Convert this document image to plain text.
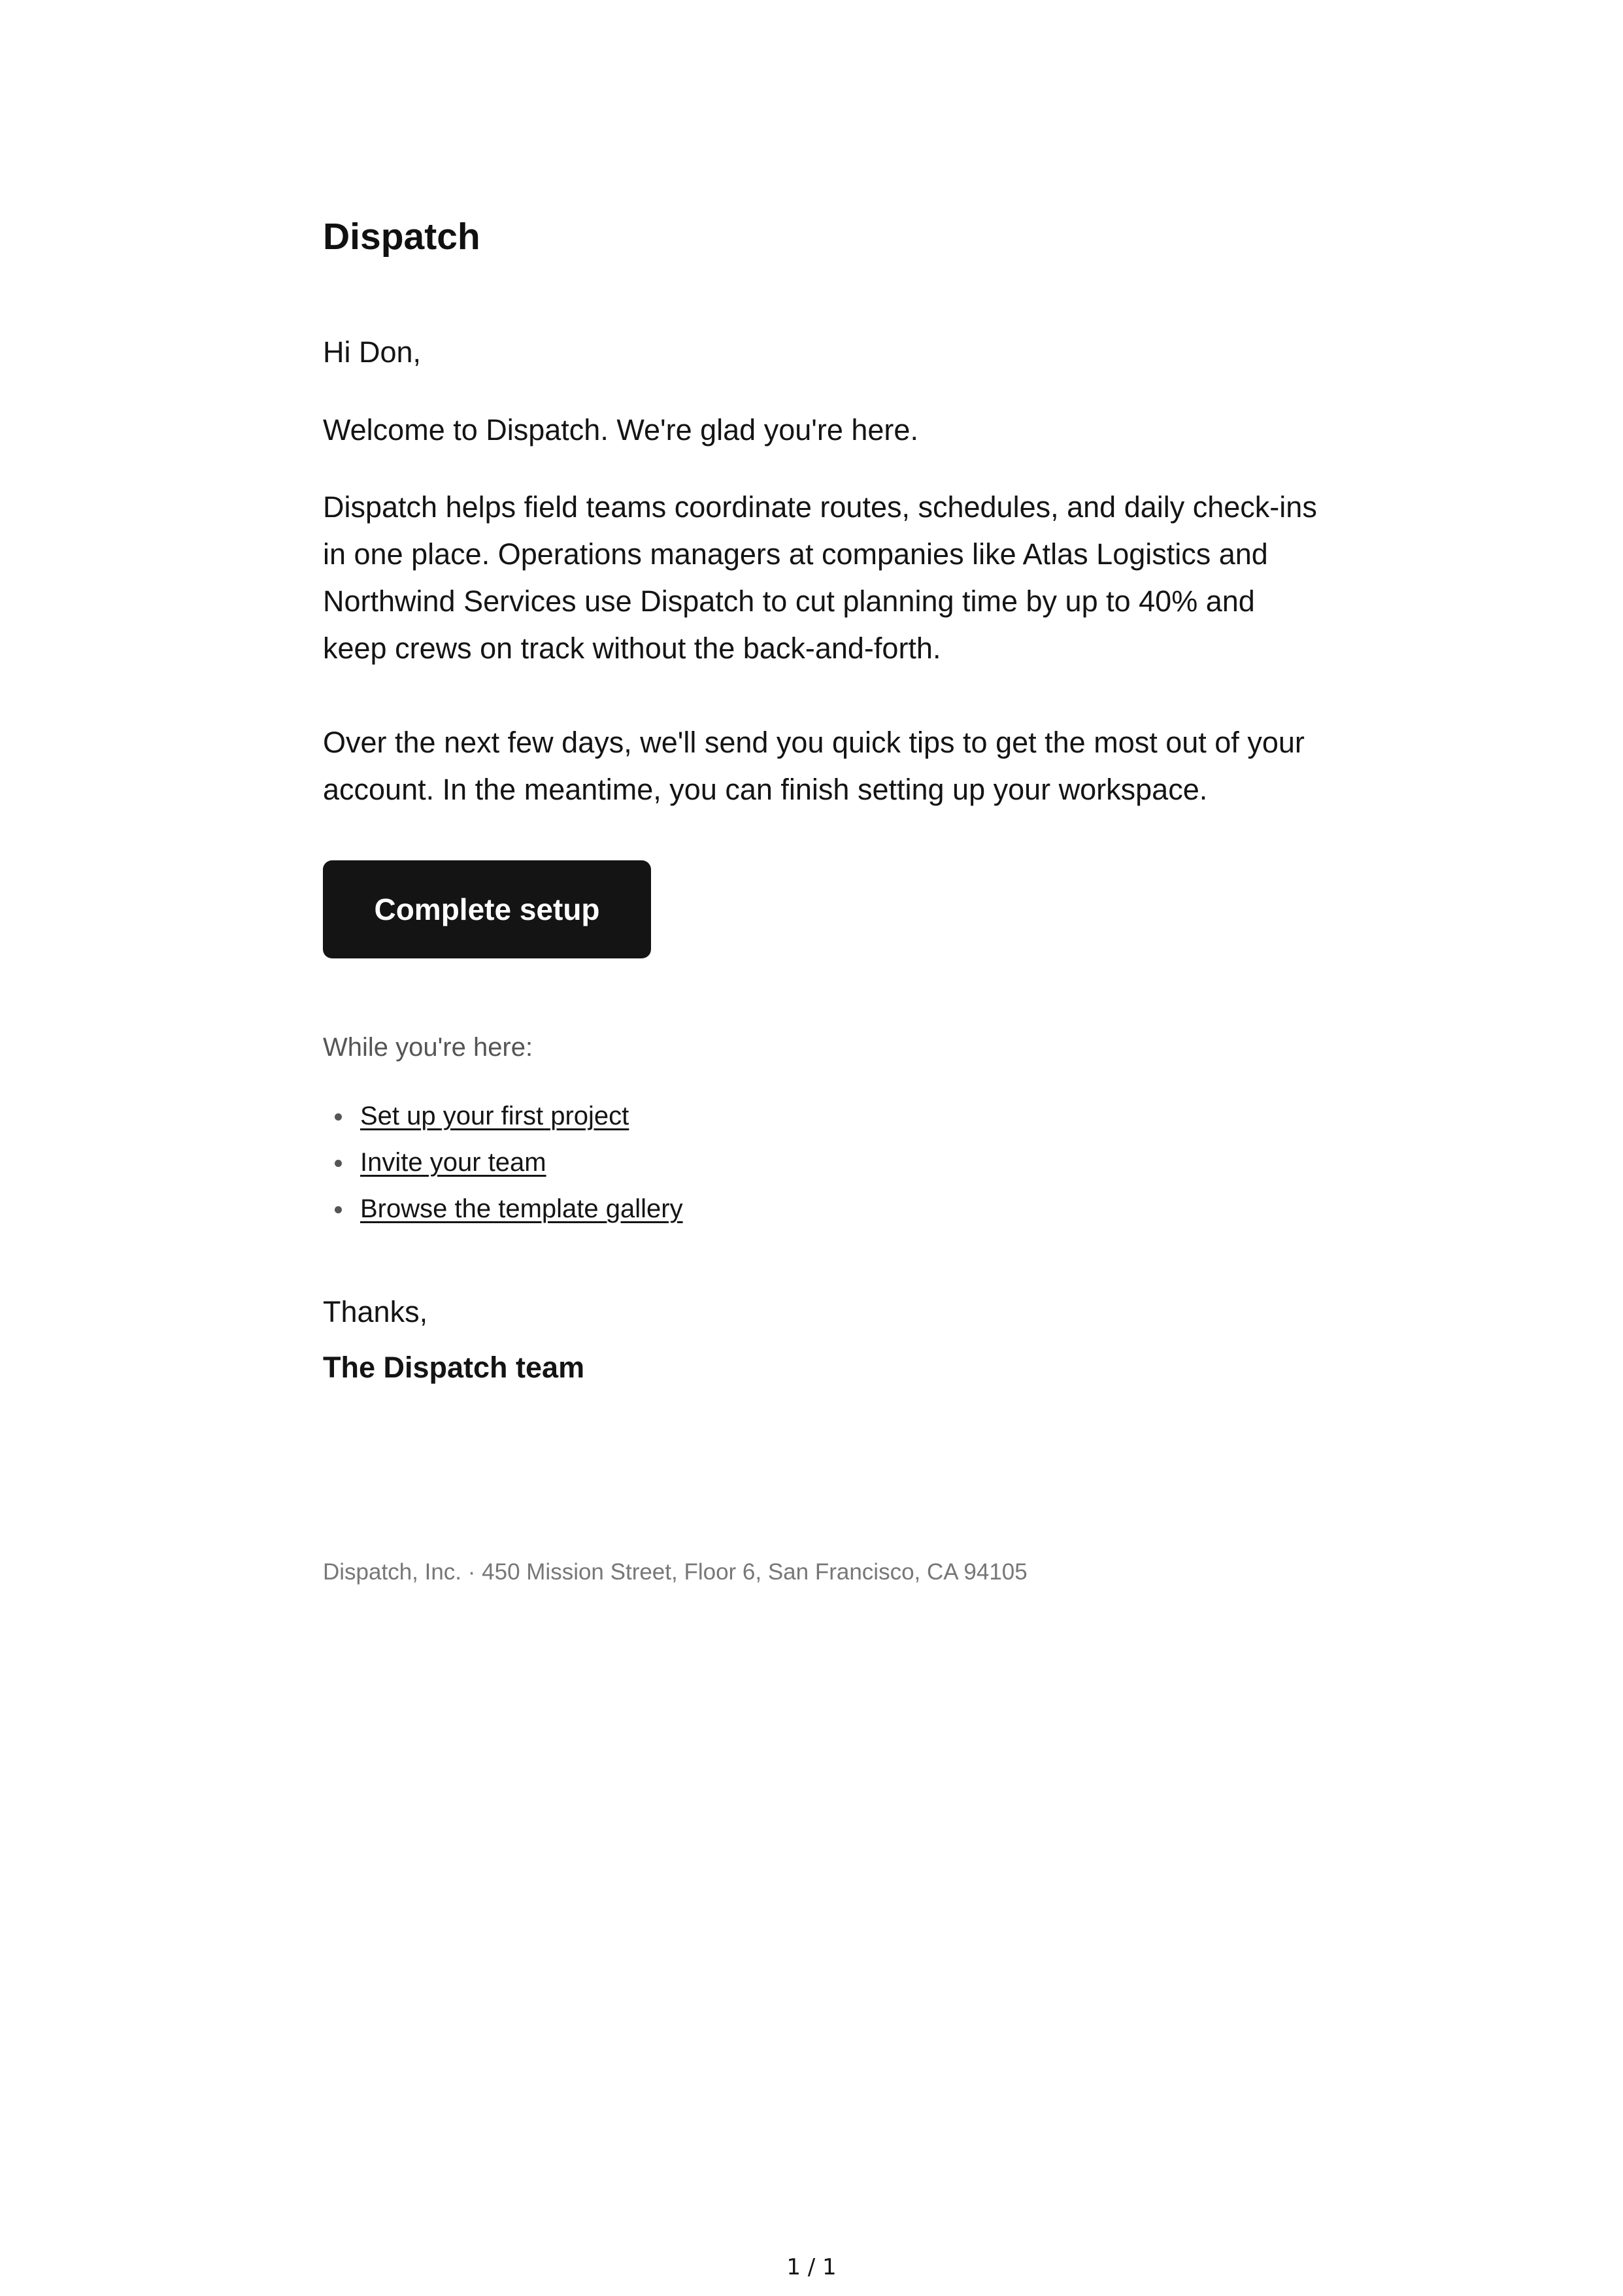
Dispatch
Hi Don,
Welcome to Dispatch. We're glad you're here.

Dispatch helps field teams coordinate routes, schedules, and daily check-ins in one place. Operations managers at companies like Atlas Logistics and Northwind Services use Dispatch to cut planning time by up to 40% and keep crews on track without the back-and-forth.

Over the next few days, we'll send you quick tips to get the most out of your account. In the meantime, you can finish setting up your workspace.

Complete setup
While you're here:
Set up your first project
Invite your team
Browse the template gallery
Thanks,
The Dispatch team
Dispatch, Inc. · 450 Mission Street, Floor 6, San Francisco, CA 94105
1 / 1
